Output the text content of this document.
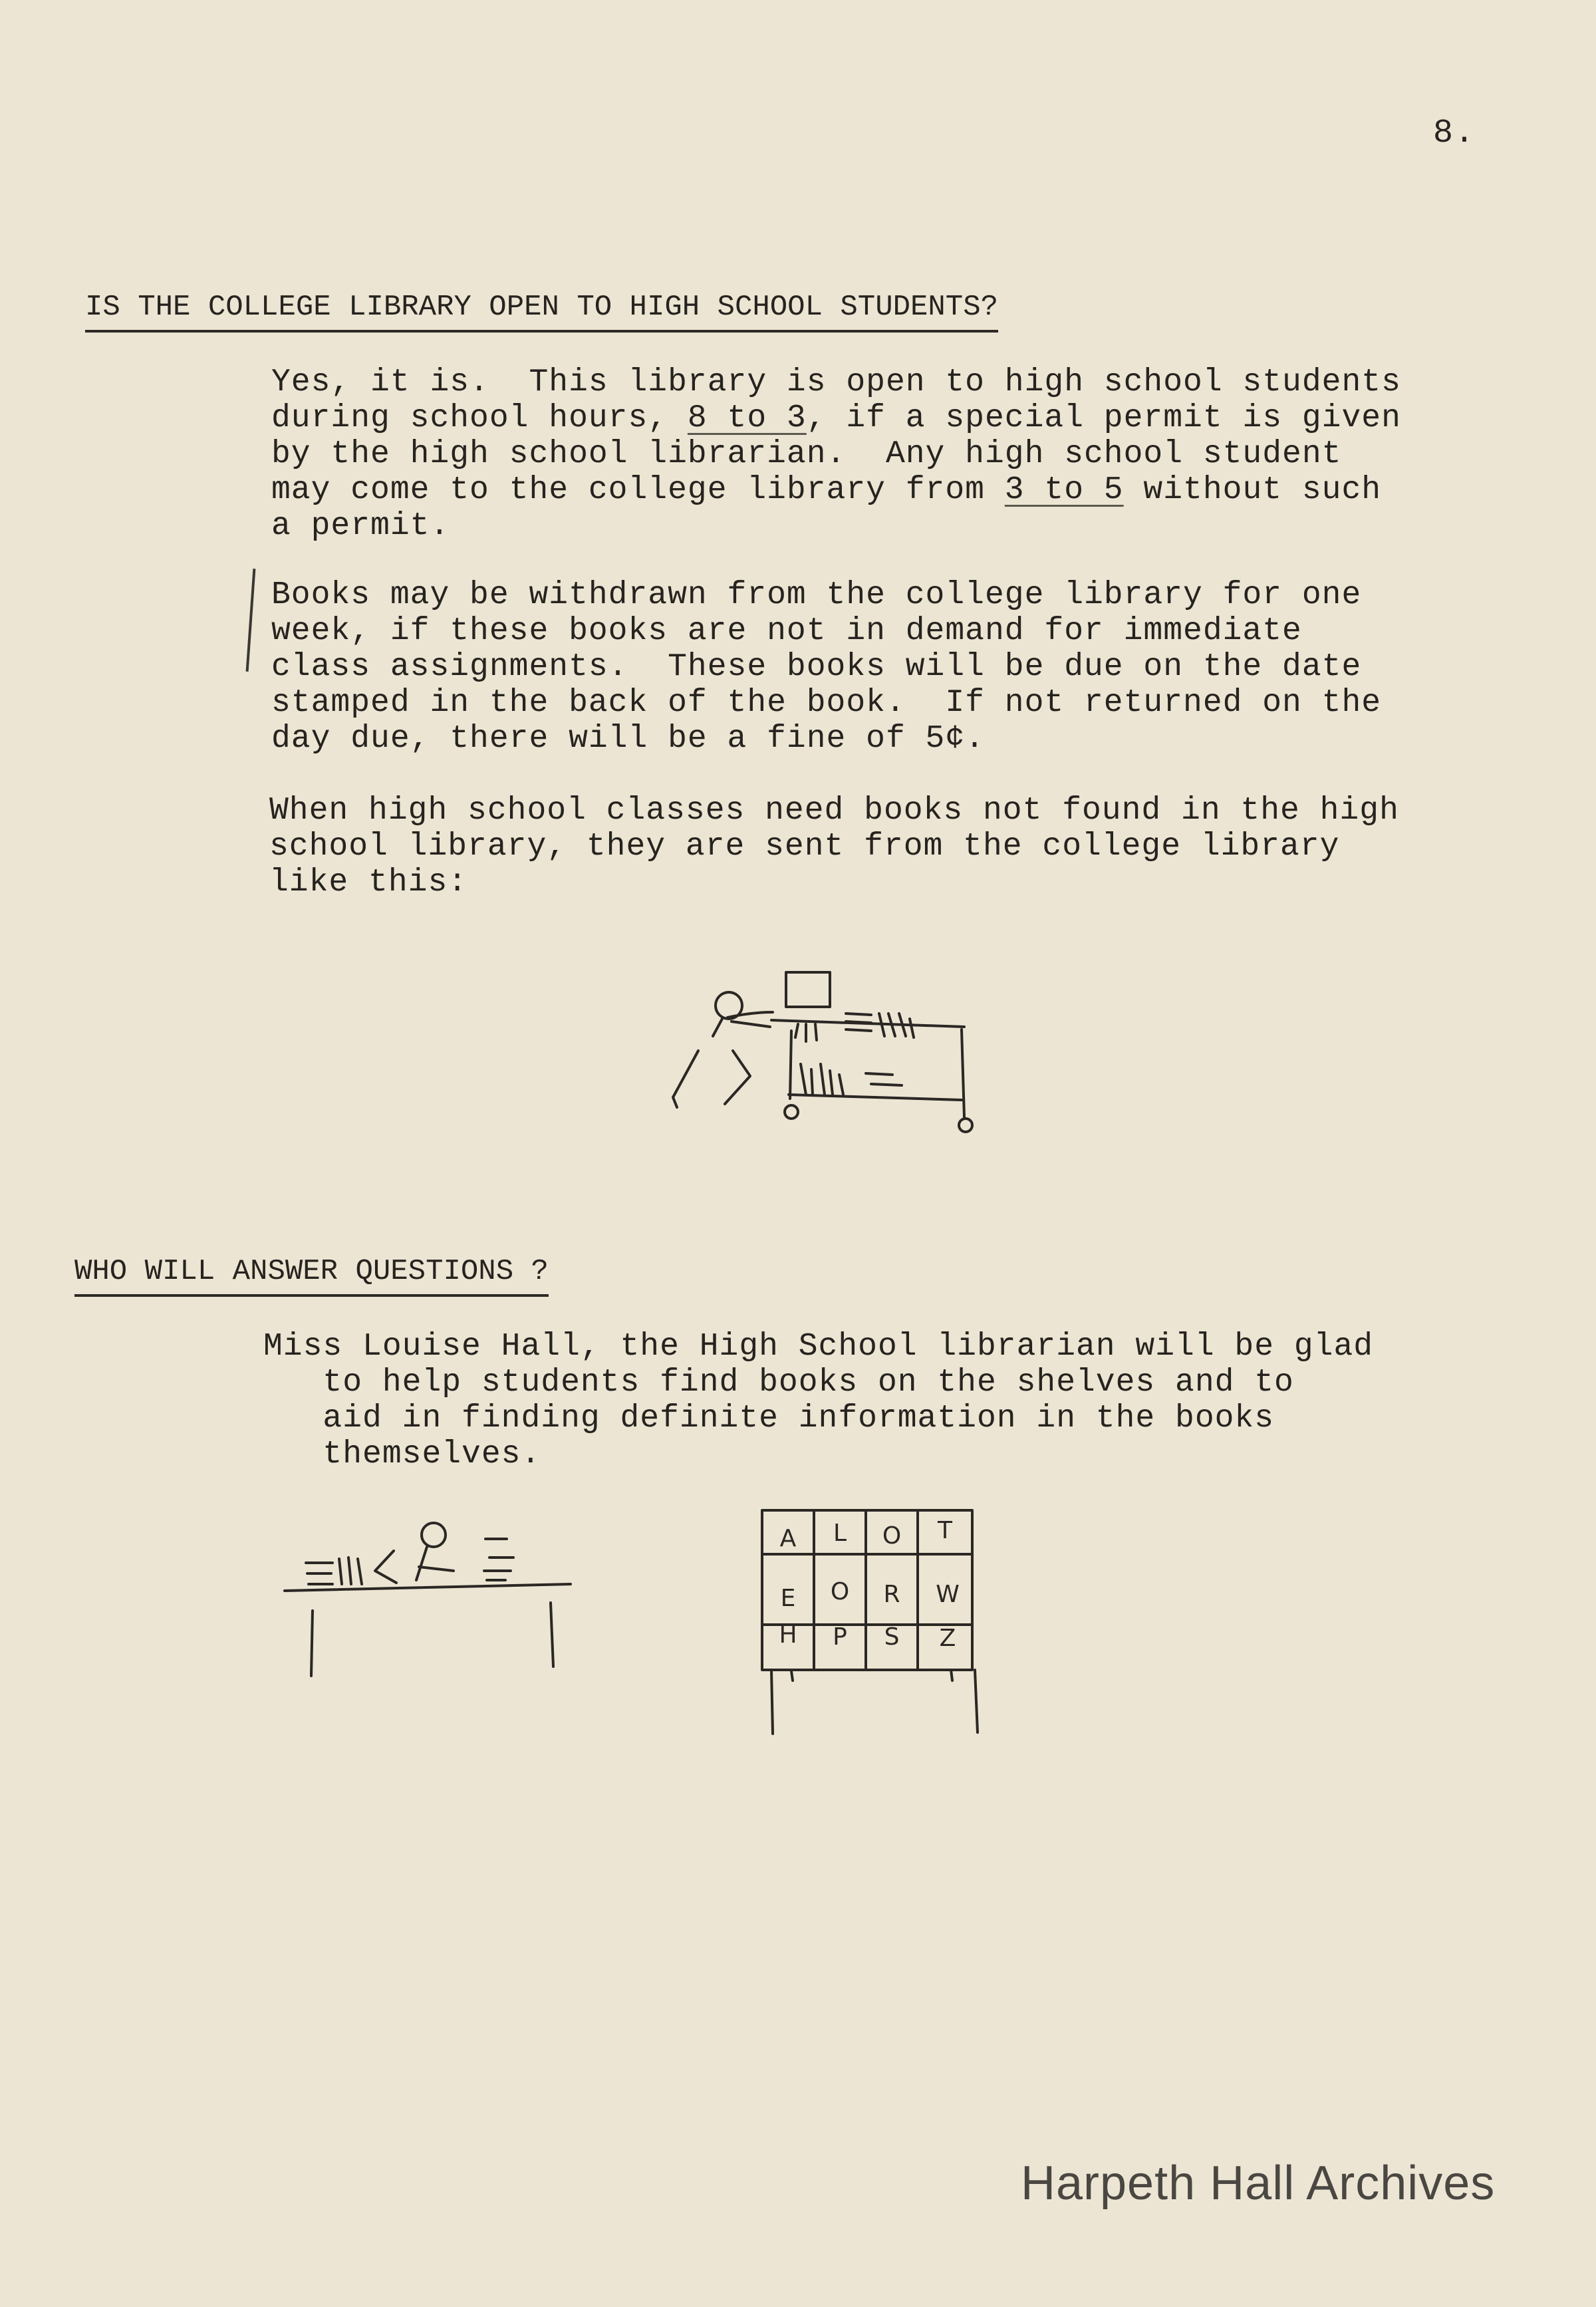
8.
IS THE COLLEGE LIBRARY OPEN TO HIGH SCHOOL STUDENTS?
Yes, it is.  This library is open to high school students
during school hours, 8 to 3, if a special permit is given
by the high school librarian.  Any high school student
may come to the college library from 3 to 5 without such
a permit.
Books may be withdrawn from the college library for one
week, if these books are not in demand for immediate
class assignments.  These books will be due on the date
stamped in the back of the book.  If not returned on the
day due, there will be a fine of 5¢.
When high school classes need books not found in the high
school library, they are sent from the college library
like this:
WHO WILL ANSWER QUESTIONS ?
Miss Louise Hall, the High School librarian will be glad
to help students find books on the shelves and to
aid in finding definite information in the books
themselves.
A L O T
E O R W
H P S Z
Harpeth Hall Archives
